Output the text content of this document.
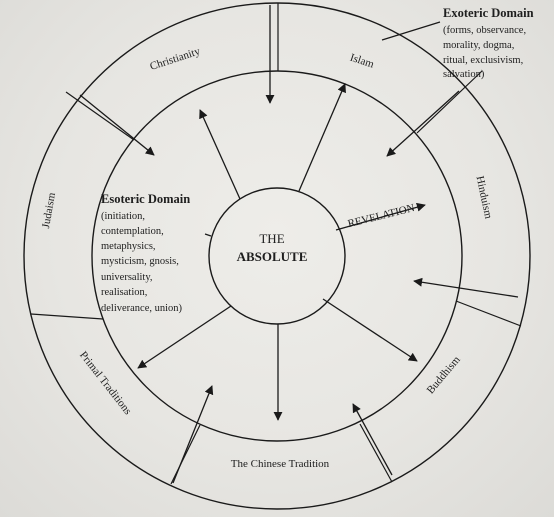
THE
ABSOLUTE
REVELATION
Christianity	Islam
Hinduism
Buddhism
The Chinese Tradition
Primal Traditions
Judaism
Exoteric Domain
(forms, observance,
morality, dogma,
ritual, exclusivism,
salvation)
Esoteric Domain
(initiation,
contemplation,
metaphysics,
mysticism, gnosis,
universality,
realisation,
deliverance, union)
